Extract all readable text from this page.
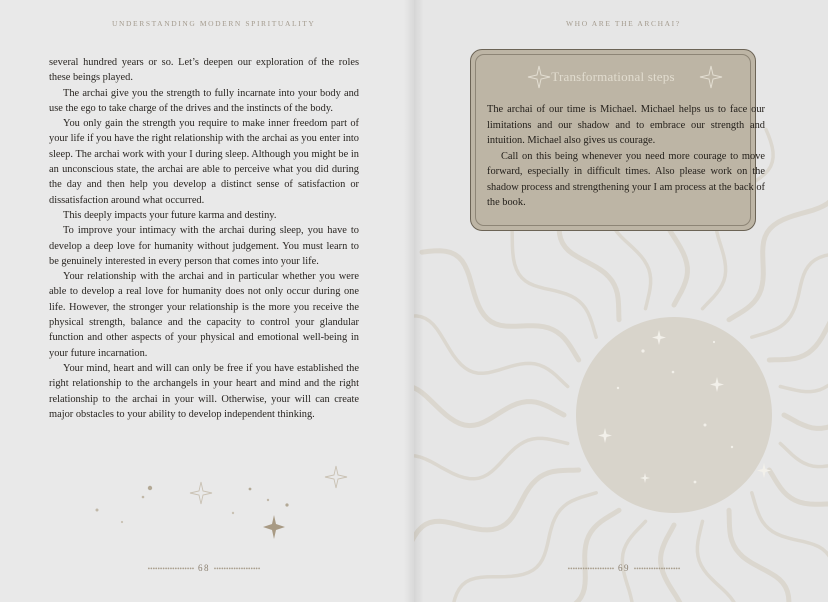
UNDERSTANDING MODERN SPIRITUALITY

several hundred years or so. Let’s deepen our exploration of the roles these beings played.

The archai give you the strength to fully incarnate into your body and use the ego to take charge of the drives and the instincts of the body.

You only gain the strength you require to make inner freedom part of your life if you have the right relationship with the archai as you enter into sleep. The archai work with your I during sleep. Although you might be in an unconscious state, the archai are able to perceive what you did during the day and then help you develop a distinct sense of satisfaction or dissatisfaction around what occurred.

This deeply impacts your future karma and destiny.

To improve your intimacy with the archai during sleep, you have to develop a deep love for humanity without judgement. You must learn to be genuinely interested in every person that comes into your life.

Your relationship with the archai and in particular whether you were able to develop a real love for humanity does not only occur during one life. However, the stronger your relationship is the more you receive the physical strength, balance and the capacity to control your glandular function and other aspects of your physical and emotional well-being in your future incarnation.

Your mind, heart and will can only be free if you have established the right relationship to the archangels in your heart and mind and the right relationship to the archai in your will. Otherwise, your will can create major obstacles to your ability to develop independent thinking.

••••••••••••••••••• 68 •••••••••••••••••••
WHO ARE THE ARCHAI?
Transformational steps

The archai of our time is Michael. Michael helps us to face our limitations and our shadow and to embrace our strength and intuition. Michael also gives us courage.

Call on this being whenever you need more courage to move forward, especially in difficult times. Also please work on the shadow process and strengthening your I am process at the back of the book.

••••••••••••••••••• 69 •••••••••••••••••••
